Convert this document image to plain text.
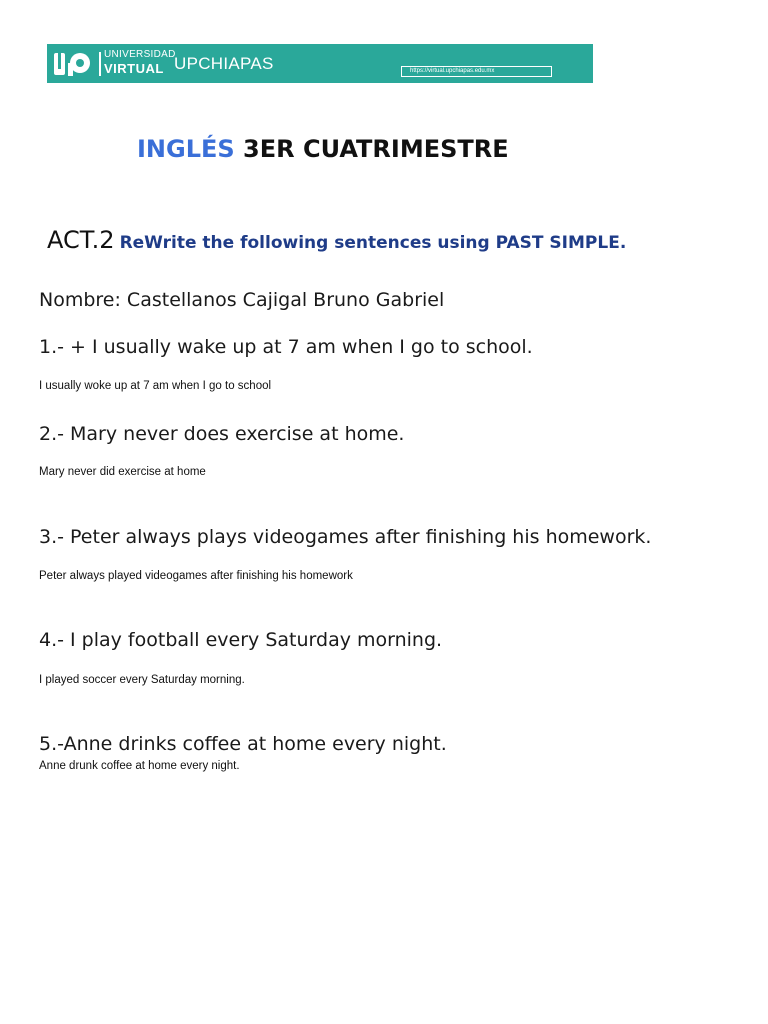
UNIVERSIDAD
VIRTUAL UPCHIAPAS	https://virtual.upchiapas.edu.mx
INGLÉS 3ER CUATRIMESTRE
ACT.2 ReWrite the following sentences using PAST SIMPLE.
Nombre: Castellanos Cajigal Bruno Gabriel
1.- + I usually wake up at 7 am when I go to school.
I usually woke up at 7 am when I go to school
2.- Mary never does exercise at home.
Mary never did exercise at home
3.- Peter always plays videogames after finishing his homework.
Peter always played videogames after finishing his homework
4.- I play football every Saturday morning.
I played soccer every Saturday morning.
5.-Anne drinks coffee at home every night.
Anne drunk coffee at home every night.
